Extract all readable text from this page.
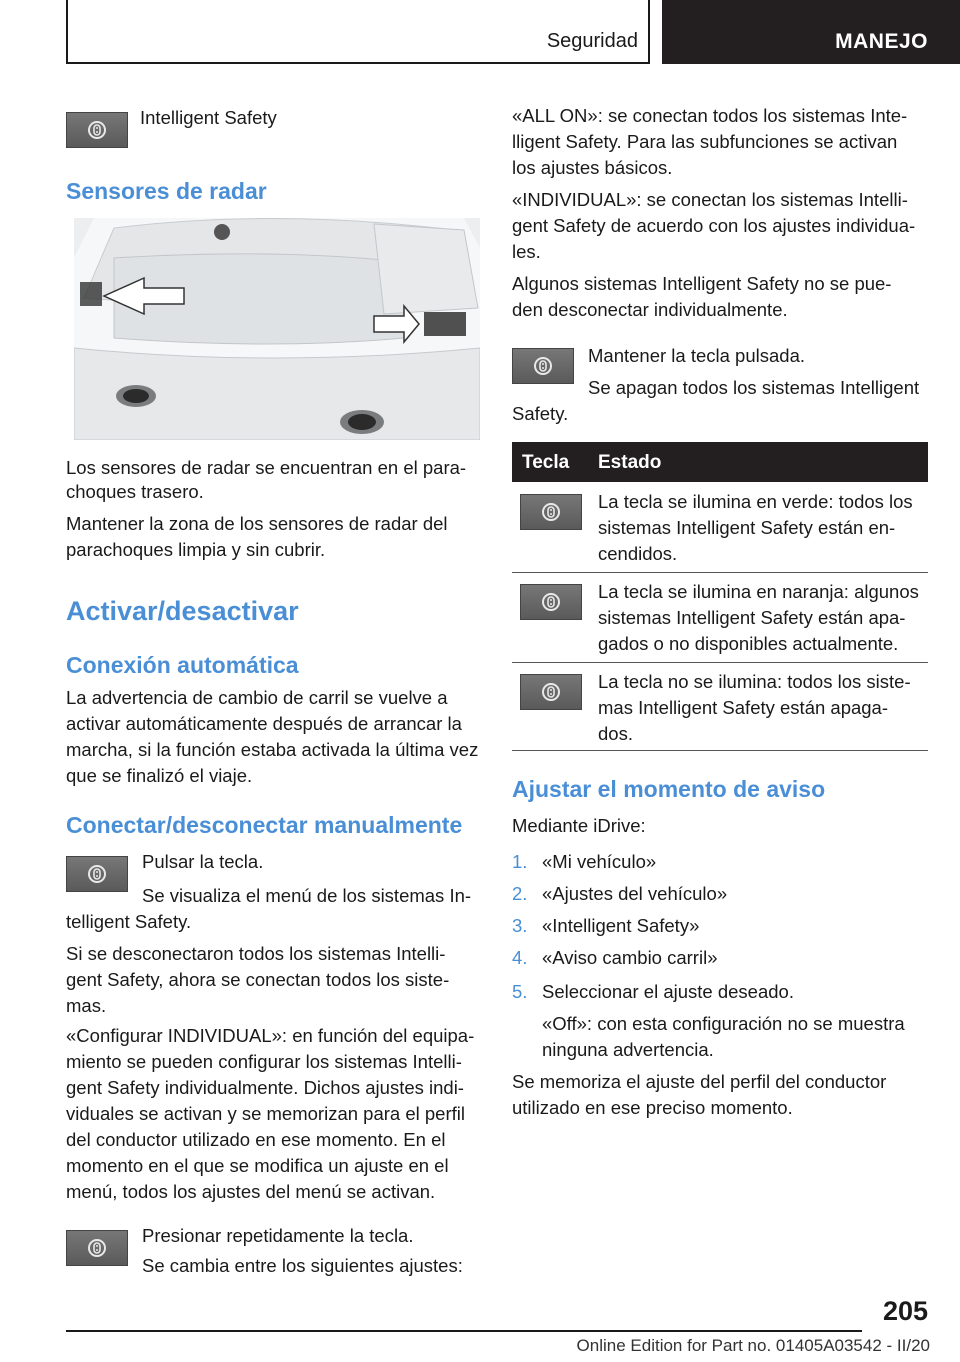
Seguridad	MANEJO
Intelligent Safety
Sensores de radar
Los sensores de radar se encuentran en el para-
choques trasero.
Mantener la zona de los sensores de radar del
parachoques limpia y sin cubrir.
Activar/desactivar
Conexión automática
La advertencia de cambio de carril se vuelve a
activar automáticamente después de arrancar la
marcha, si la función estaba activada la última vez
que se finalizó el viaje.
Conectar/desconectar manualmente
Pulsar la tecla.
Se visualiza el menú de los sistemas In-
telligent Safety.
Si se desconectaron todos los sistemas Intelli-
gent Safety, ahora se conectan todos los siste-
mas.
«Configurar INDIVIDUAL»: en función del equipa-
miento se pueden configurar los sistemas Intelli-
gent Safety individualmente. Dichos ajustes indi-
viduales se activan y se memorizan para el perfil
del conductor utilizado en ese momento. En el
momento en el que se modifica un ajuste en el
menú, todos los ajustes del menú se activan.
Presionar repetidamente la tecla.
Se cambia entre los siguientes ajustes:
«ALL ON»: se conectan todos los sistemas Inte-
lligent Safety. Para las subfunciones se activan
los ajustes básicos.
«INDIVIDUAL»: se conectan los sistemas Intelli-
gent Safety de acuerdo con los ajustes individua-
les.
Algunos sistemas Intelligent Safety no se pue-
den desconectar individualmente.
Mantener la tecla pulsada.
Se apagan todos los sistemas Intelligent
Safety.
Tecla Estado
La tecla se ilumina en verde: todos los
sistemas Intelligent Safety están en-
cendidos.
La tecla se ilumina en naranja: algunos
sistemas Intelligent Safety están apa-
gados o no disponibles actualmente.
La tecla no se ilumina: todos los siste-
mas Intelligent Safety están apaga-
dos.
Ajustar el momento de aviso
Mediante iDrive:
1. «Mi vehículo»
2. «Ajustes del vehículo»
3. «Intelligent Safety»
4. «Aviso cambio carril»
5. Seleccionar el ajuste deseado.
«Off»: con esta configuración no se muestra
ninguna advertencia.
Se memoriza el ajuste del perfil del conductor
utilizado en ese preciso momento.
205
Online Edition for Part no. 01405A03542 - II/20
